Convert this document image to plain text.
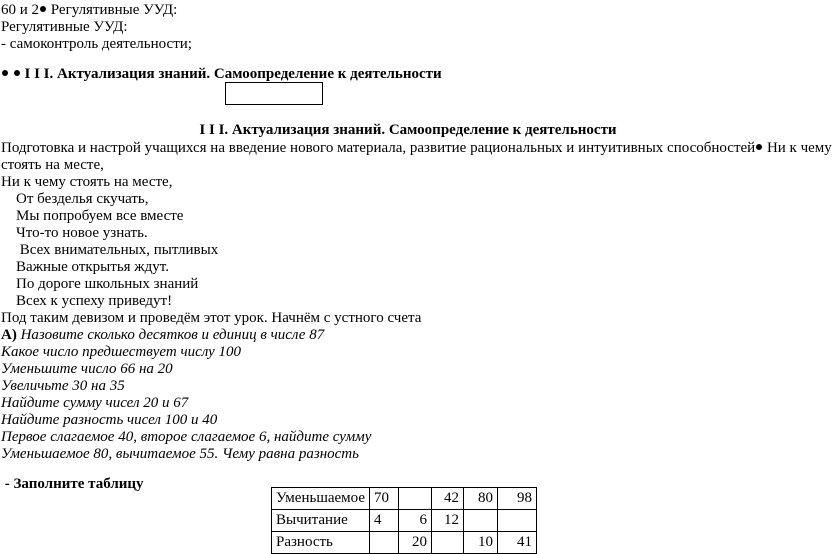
60 и 2 Регулятивные УУД:
Регулятивные УУД:
- самоконтроль деятельности;
I I I. Актуализация знаний. Самоопределение к деятельности
I I I. Актуализация знаний. Самоопределение к деятельности
Подготовка и настрой учащихся на введение нового материала, развитие рациональных и интуитивных способностей Ни к чему
стоять на месте,
Ни к чему стоять на месте,
От безделья скучать,
Мы попробуем все вместе
Что-то новое узнать.
Всех внимательных, пытливых
Важные открытья ждут.
По дороге школьных знаний
Всех к успеху приведут!
Под таким девизом и проведём этот урок. Начнём с устного счета
А) Назовите сколько десятков и единиц в числе 87
Какое число предшествует числу 100
Уменьшите число 66 на 20
Увеличьте 30 на 35
Найдите сумму чисел 20 и 67
Найдите разность чисел 100 и 40
Первое слагаемое 40, второе слагаемое 6, найдите сумму
Уменьшаемое 80, вычитаемое 55. Чему равна разность
- Заполните таблицу
Уменьшаемое	70		42	80	98
Вычитание	4	6	12		
Разность		20		10	41
